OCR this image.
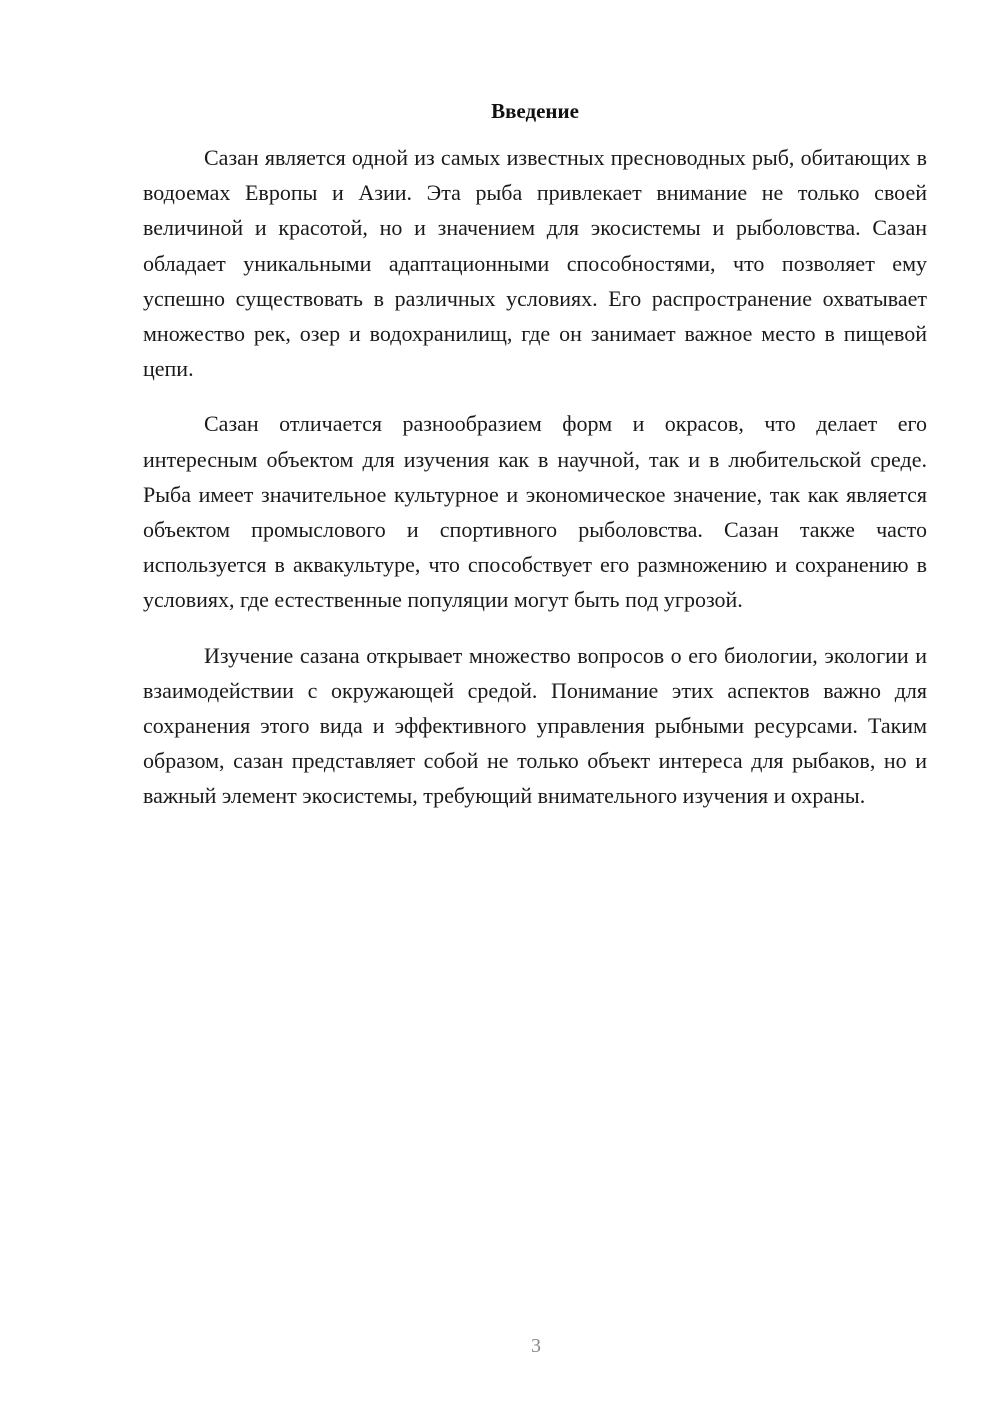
Введение

Сазан является одной из самых известных пресноводных рыб, обитающих в водоемах Европы и Азии. Эта рыба привлекает внимание не только своей величиной и красотой, но и значением для экосистемы и рыболовства. Сазан обладает уникальными адаптационными способностями, что позволяет ему успешно существовать в различных условиях. Его распространение охватывает множество рек, озер и водохранилищ, где он занимает важное место в пищевой цепи.

Сазан отличается разнообразием форм и окрасов, что делает его интересным объектом для изучения как в научной, так и в любительской среде. Рыба имеет значительное культурное и экономическое значение, так как является объектом промыслового и спортивного рыболовства. Сазан также часто используется в аквакультуре, что способствует его размножению и сохранению в условиях, где естественные популяции могут быть под угрозой.

Изучение сазана открывает множество вопросов о его биологии, экологии и взаимодействии с окружающей средой. Понимание этих аспектов важно для сохранения этого вида и эффективного управления рыбными ресурсами. Таким образом, сазан представляет собой не только объект интереса для рыбаков, но и важный элемент экосистемы, требующий внимательного изучения и охраны.

3
